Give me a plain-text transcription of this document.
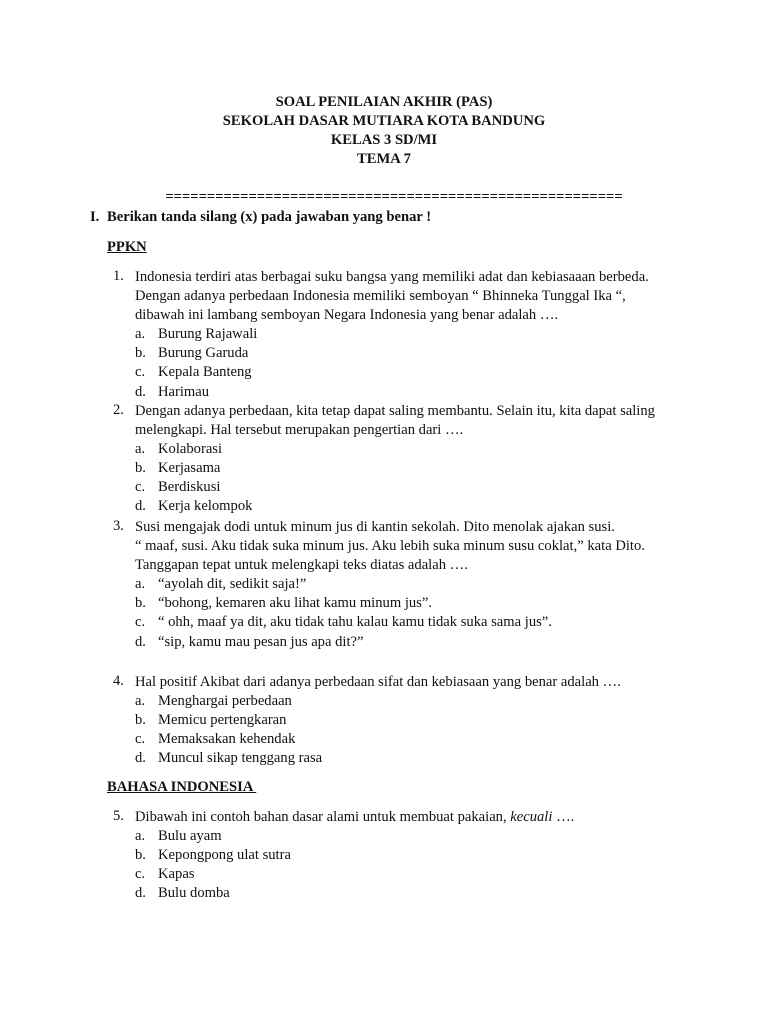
SOAL PENILAIAN AKHIR (PAS)
SEKOLAH DASAR MUTIARA KOTA BANDUNG
KELAS 3 SD/MI
TEMA 7
=======================================================
I. Berikan tanda silang (x) pada jawaban yang benar !
PPKN
1. Indonesia terdiri atas berbagai suku bangsa yang memiliki adat dan kebiasaaan berbeda.
Dengan adanya perbedaan Indonesia memiliki semboyan “ Bhinneka Tunggal Ika “,
dibawah ini lambang semboyan Negara Indonesia yang benar adalah ….
a. Burung Rajawali
b. Burung Garuda
c. Kepala Banteng
d. Harimau
2. Dengan adanya perbedaan, kita tetap dapat saling membantu. Selain itu, kita dapat saling
melengkapi. Hal tersebut merupakan pengertian dari ….
a. Kolaborasi
b. Kerjasama
c. Berdiskusi
d. Kerja kelompok
3. Susi mengajak dodi untuk minum jus di kantin sekolah. Dito menolak ajakan susi.
“ maaf, susi. Aku tidak suka minum jus. Aku lebih suka minum susu coklat,” kata Dito.
Tanggapan tepat untuk melengkapi teks diatas adalah ….
a. “ayolah dit, sedikit saja!”
b. “bohong, kemaren aku lihat kamu minum jus”.
c. “ ohh, maaf ya dit, aku tidak tahu kalau kamu tidak suka sama jus”.
d. “sip, kamu mau pesan jus apa dit?”
4. Hal positif Akibat dari adanya perbedaan sifat dan kebiasaan yang benar adalah ….
a. Menghargai perbedaan
b. Memicu pertengkaran
c. Memaksakan kehendak
d. Muncul sikap tenggang rasa
BAHASA INDONESIA
5. Dibawah ini contoh bahan dasar alami untuk membuat pakaian, kecuali ….
a. Bulu ayam
b. Kepongpong ulat sutra
c. Kapas
d. Bulu domba
